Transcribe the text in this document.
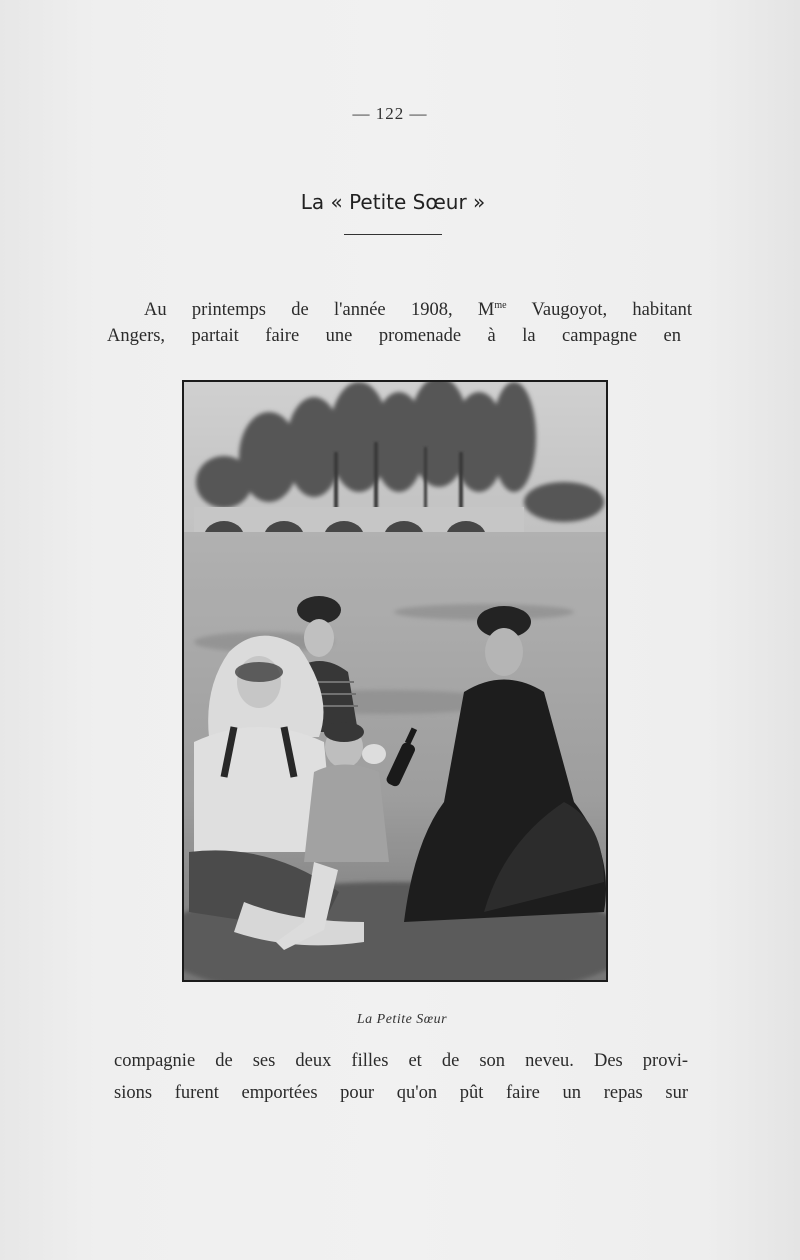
— 122 —
La « Petite Sœur »
Au printemps de l'année 1908, $M^{me}$ Vaugoyot, habitant
Angers, partait faire une promenade à la campagne en
La Petite Sœur
compagnie de ses deux filles et de son neveu. Des provi-
sions furent emportées pour qu'on pût faire un repas sur
